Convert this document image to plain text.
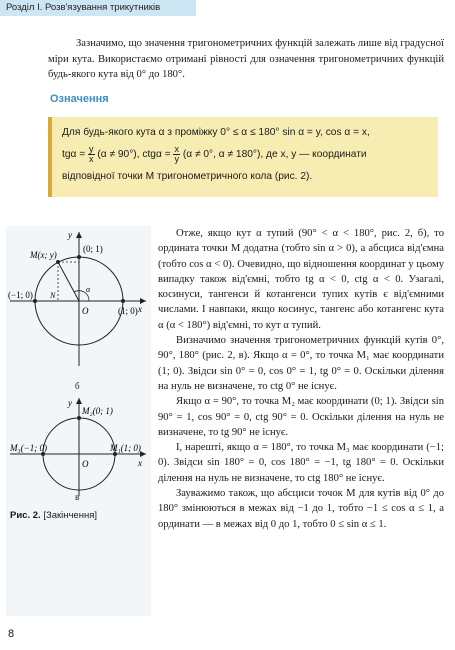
Розділ I. Розв'язування трикутників
Зазначимо, що значення тригонометричних функцій залежать лише від градусної міри кута. Використаємо отримані рівності для означення тригонометричних функцій будь-якого кута від 0° до 180°.
Означення
Для будь-якого кута α з проміжку 0° ≤ α ≤ 180° sin α = y, cos α = x,
$tg\alpha = \frac{y}{x} (\alpha \ne 90^\circ)$, $ctg\alpha = \frac{x}{y} (\alpha \ne 0^\circ$, α ≠ 180°), де x, y — координати
відповідної точки M тригонометричного кола (рис. 2).
M(x; y)
(0; 1)
(−1; 0)
(1; 0)
O	x
y
N
α
б
M₂(0; 1)
M₃(−1; 0)	M₁(1; 0)
O	x
y
в
Рис. 2. [Закінчення]

Отже, якщо кут α тупий (90° < α < 180°, рис. 2, б), то ордината точки M додатна (тобто sin α > 0), а абсциса від'ємна (тобто cos α < 0). Очевидно, що відношення координат у цьому випадку також від'ємні, тобто tg α < 0, ctg α < 0. Узагалі, косинуси, тангенси й котангенси тупих кутів є від'ємними числами. І навпаки, якщо косинус, тангенс або котангенс кута α (α < 180°) від'ємні, то кут α тупий.

Визначимо значення тригонометричних функцій кутів 0°, 90°, 180° (рис. 2, в). Якщо α = 0°, то точка M₁ має координати (1; 0). Звідси sin 0° = 0, cos 0° = 1, tg 0° = 0. Оскільки ділення на нуль не визначене, то ctg 0° не існує.

Якщо α = 90°, то точка M₂ має координати (0; 1). Звідси sin 90° = 1, cos 90° = 0, ctg 90° = 0. Оскільки ділення на нуль не визначене, то tg 90° не існує.

І, нарешті, якщо α = 180°, то точка M₃ має координати (−1; 0). Звідси sin 180° = 0, cos 180° = −1, tg 180° = 0. Оскільки ділення на нуль не визначене, то ctg 180° не існує.

Зауважимо також, що абсциси точок M для кутів від 0° до 180° змінюються в межах від −1 до 1, тобто −1 ≤ cos α ≤ 1, а ординати — в межах від 0 до 1, тобто 0 ≤ sin α ≤ 1.

8
